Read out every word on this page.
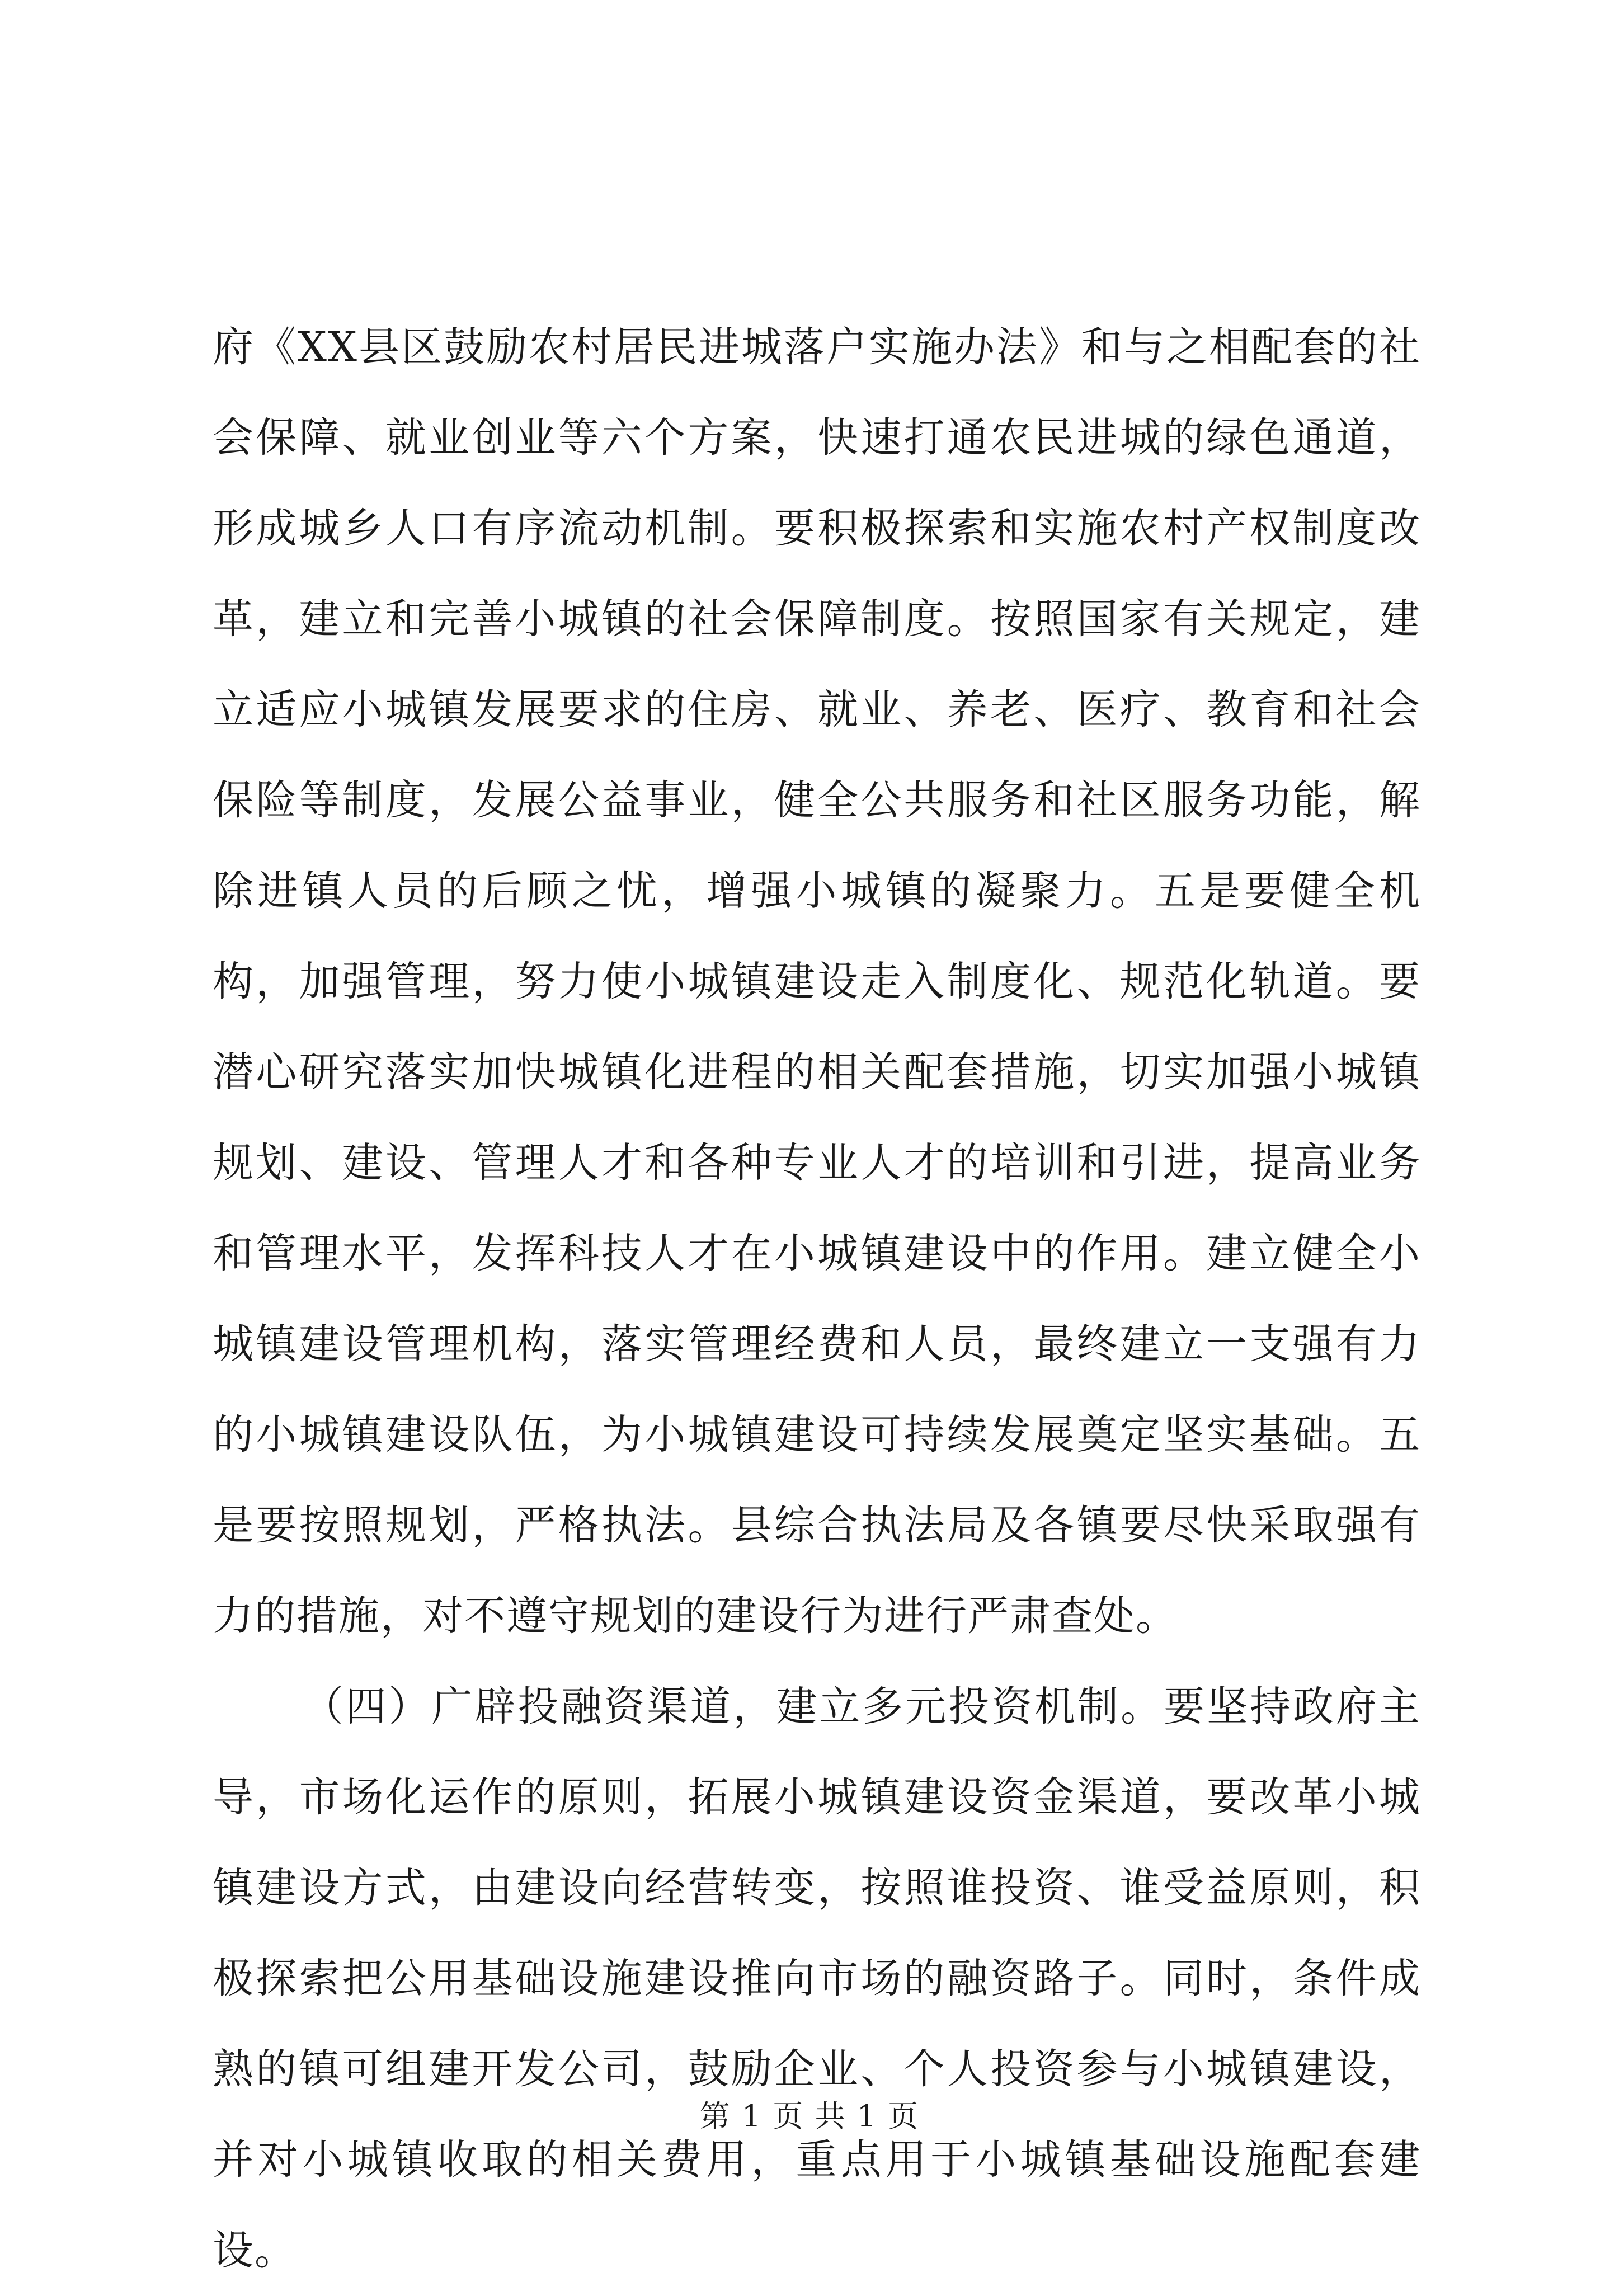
府《XX县区鼓励农村居民进城落户实施办法》和与之相配套的社会保障、就业创业等六个方案，快速打通农民进城的绿色通道，形成城乡人口有序流动机制。要积极探索和实施农村产权制度改革，建立和完善小城镇的社会保障制度。按照国家有关规定，建立适应小城镇发展要求的住房、就业、养老、医疗、教育和社会保险等制度，发展公益事业，健全公共服务和社区服务功能，解除进镇人员的后顾之忧，增强小城镇的凝聚力。五是要健全机构，加强管理，努力使小城镇建设走入制度化、规范化轨道。要潜心研究落实加快城镇化进程的相关配套措施，切实加强小城镇规划、建设、管理人才和各种专业人才的培训和引进，提高业务和管理水平，发挥科技人才在小城镇建设中的作用。建立健全小城镇建设管理机构，落实管理经费和人员，最终建立一支强有力的小城镇建设队伍，为小城镇建设可持续发展奠定坚实基础。五是要按照规划，严格执法。县综合执法局及各镇要尽快采取强有力的措施，对不遵守规划的建设行为进行严肃查处。

（四）广辟投融资渠道，建立多元投资机制。要坚持政府主导，市场化运作的原则，拓展小城镇建设资金渠道，要改革小城镇建设方式，由建设向经营转变，按照谁投资、谁受益原则，积极探索把公用基础设施建设推向市场的融资路子。同时，条件成熟的镇可组建开发公司，鼓励企业、个人投资参与小城镇建设，并对小城镇收取的相关费用，重点用于小城镇基础设施配套建设。

第 1 页 共 1 页
